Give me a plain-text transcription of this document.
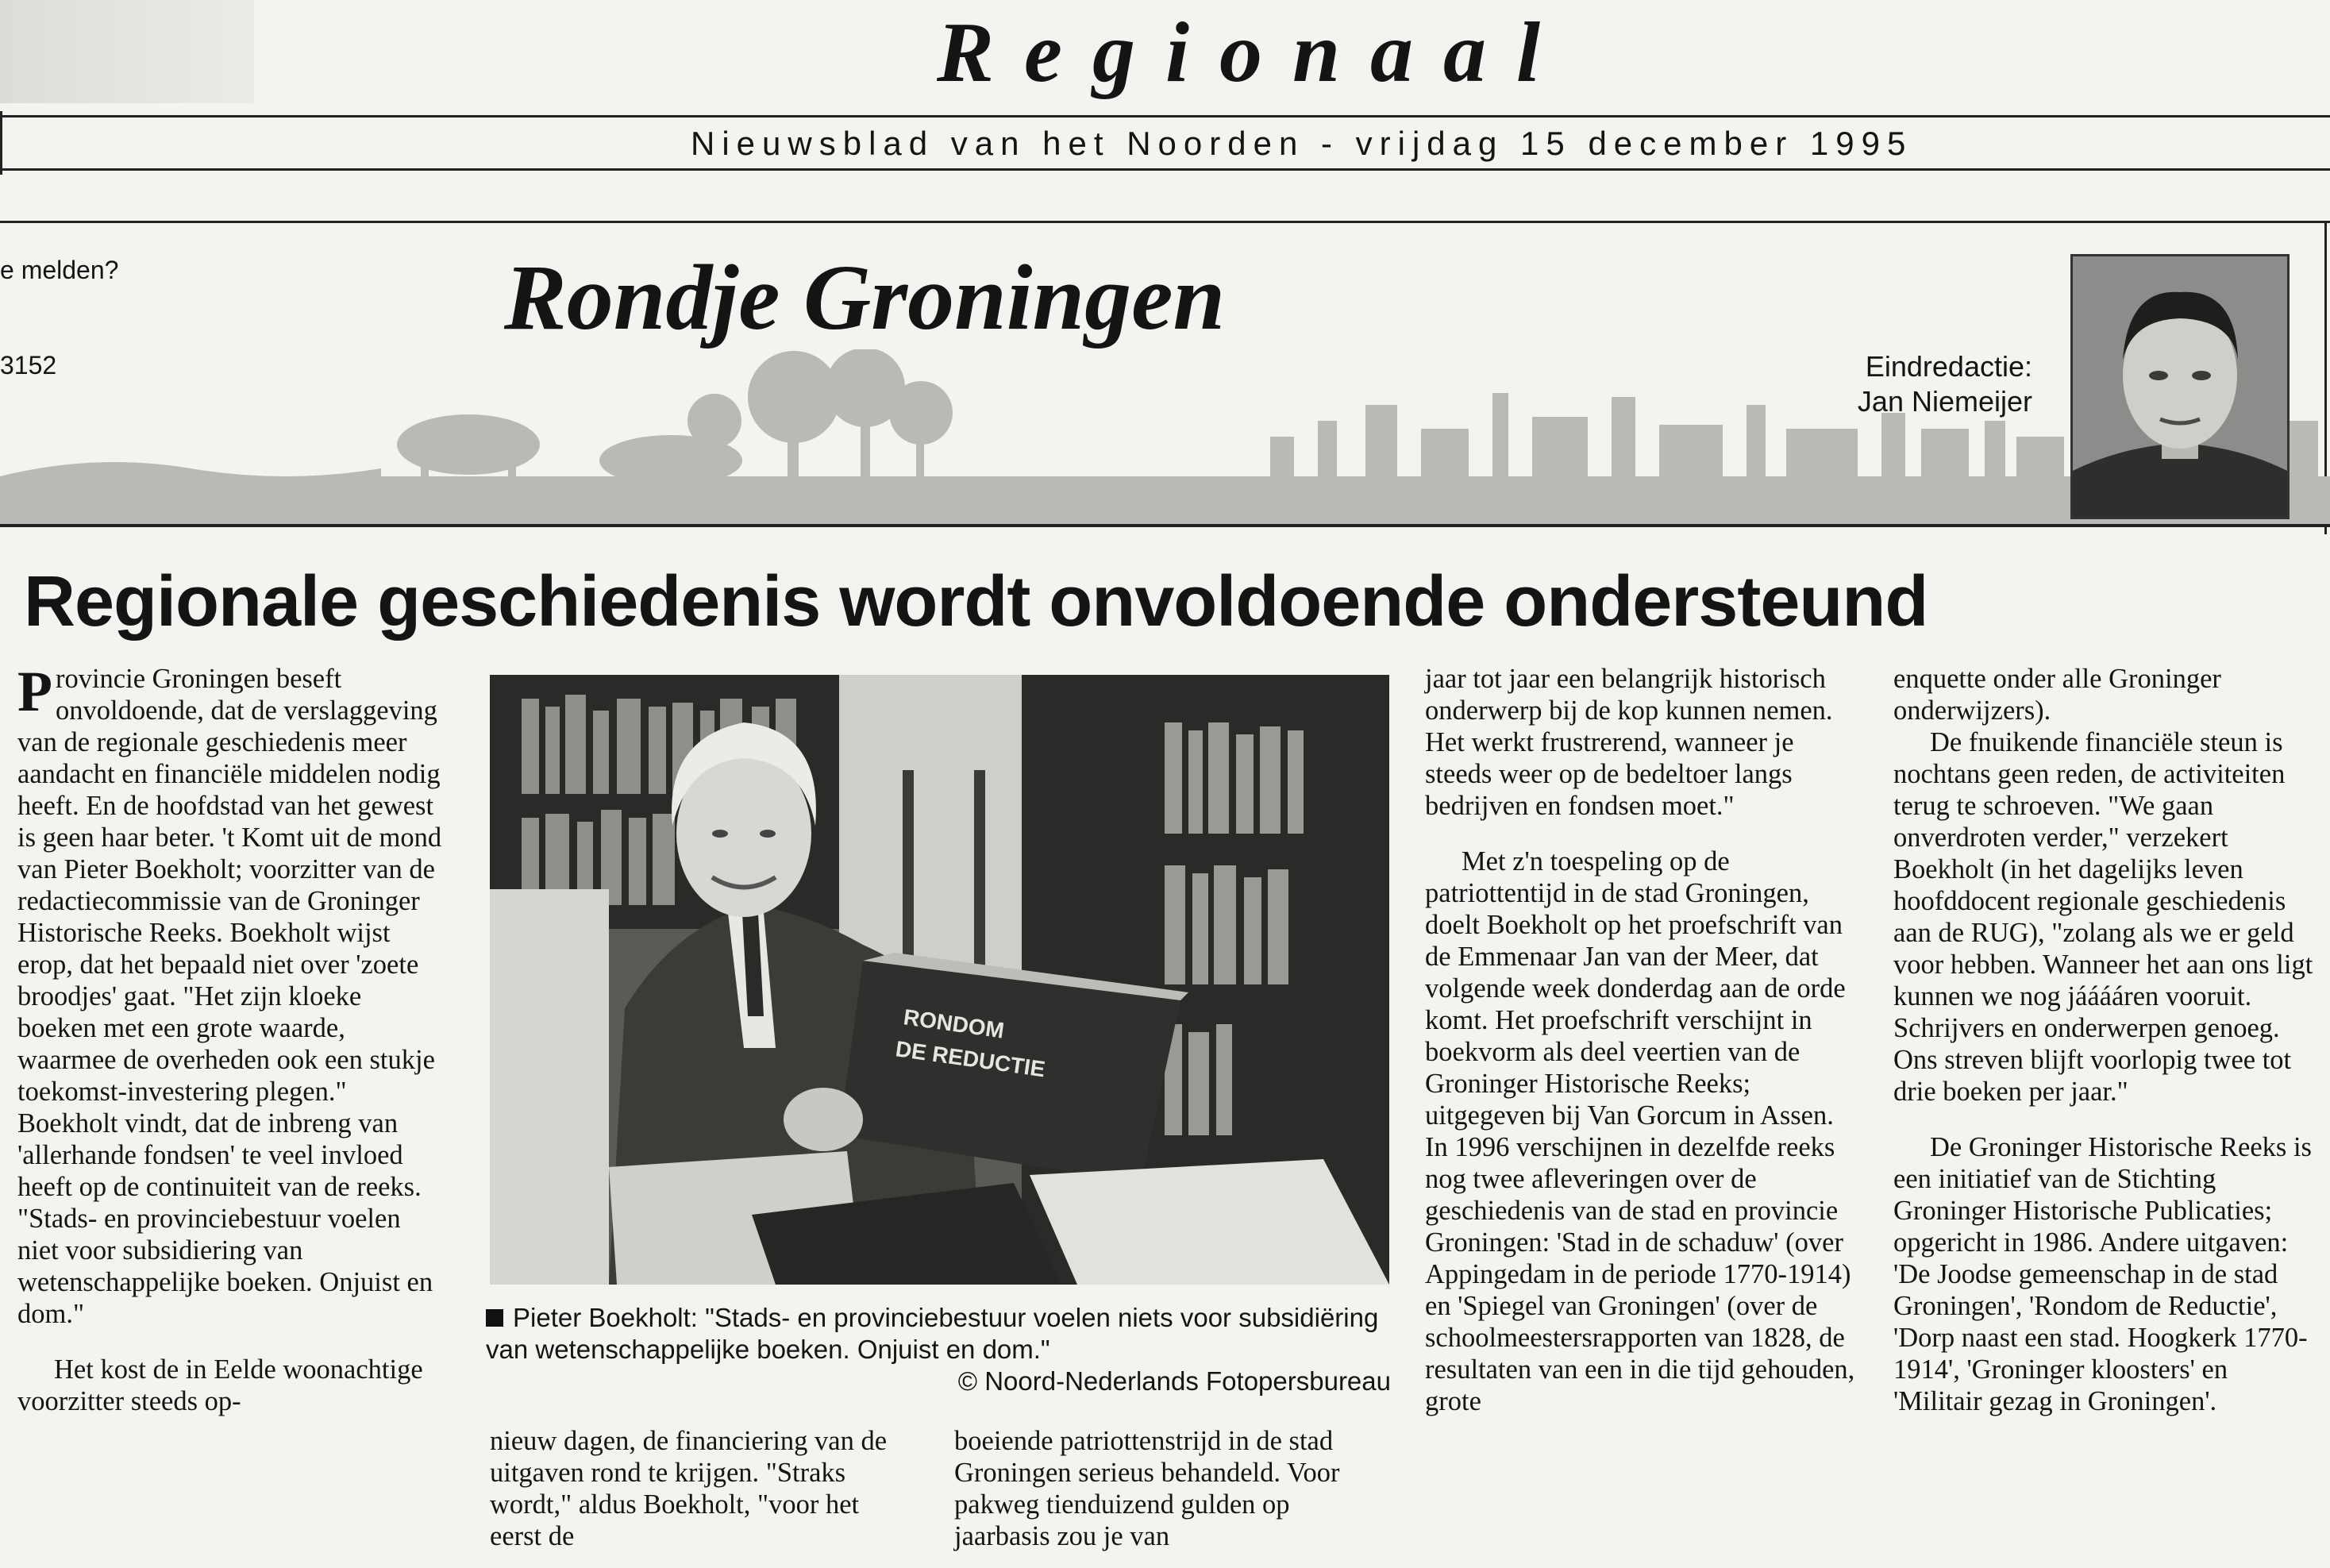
Regionaal
Nieuwsblad van het Noorden - vrijdag 15 december 1995
e melden?
3152
Rondje Groningen
Eindredactie:
Jan Niemeijer
Regionale geschiedenis wordt onvoldoende ondersteund

Provincie Groningen beseft onvoldoende, dat de verslaggeving van de regionale geschiedenis meer aandacht en financiële middelen nodig heeft. En de hoofdstad van het gewest is geen haar beter. 't Komt uit de mond van Pieter Boekholt; voorzitter van de redactiecommissie van de Groninger Historische Reeks. Boekholt wijst erop, dat het bepaald niet over 'zoete broodjes' gaat. "Het zijn kloeke boeken met een grote waarde, waarmee de overheden ook een stukje toekomst-investering plegen." Boekholt vindt, dat de inbreng van 'allerhande fondsen' te veel invloed heeft op de continuiteit van de reeks. "Stads- en provinciebestuur voelen niet voor subsidiering van wetenschappelijke boeken. Onjuist en dom."

Het kost de in Eelde woonachtige voorzitter steeds op-

RONDOM
DE REDUCTIE
Pieter Boekholt: "Stads- en provinciebestuur voelen niets voor subsidiëring van wetenschappelijke boeken. Onjuist en dom."
© Noord-Nederlands Fotopersbureau

nieuw dagen, de financiering van de uitgaven rond te krijgen. "Straks wordt," aldus Boekholt, "voor het eerst de

boeiende patriottenstrijd in de stad Groningen serieus behandeld. Voor pakweg tienduizend gulden op jaarbasis zou je van

jaar tot jaar een belangrijk historisch onderwerp bij de kop kunnen nemen. Het werkt frustrerend, wanneer je steeds weer op de bedeltoer langs bedrijven en fondsen moet."

Met z'n toespeling op de patriottentijd in de stad Groningen, doelt Boekholt op het proefschrift van de Emmenaar Jan van der Meer, dat volgende week donderdag aan de orde komt. Het proefschrift verschijnt in boekvorm als deel veertien van de Groninger Historische Reeks; uitgegeven bij Van Gorcum in Assen. In 1996 verschijnen in dezelfde reeks nog twee afleveringen over de geschiedenis van de stad en provincie Groningen: 'Stad in de schaduw' (over Appingedam in de periode 1770-1914) en 'Spiegel van Groningen' (over de schoolmeestersrapporten van 1828, de resultaten van een in die tijd gehouden, grote

enquette onder alle Groninger onderwijzers).

De fnuikende financiële steun is nochtans geen reden, de activiteiten terug te schroeven. "We gaan onverdroten verder," verzekert Boekholt (in het dagelijks leven hoofddocent regionale geschiedenis aan de RUG), "zolang als we er geld voor hebben. Wanneer het aan ons ligt kunnen we nog jááááren vooruit. Schrijvers en onderwerpen genoeg. Ons streven blijft voorlopig twee tot drie boeken per jaar."

De Groninger Historische Reeks is een initiatief van de Stichting Groninger Historische Publicaties; opgericht in 1986. Andere uitgaven: 'De Joodse gemeenschap in de stad Groningen', 'Rondom de Reductie', 'Dorp naast een stad. Hoogkerk 1770-1914', 'Groninger kloosters' en 'Militair gezag in Groningen'.
